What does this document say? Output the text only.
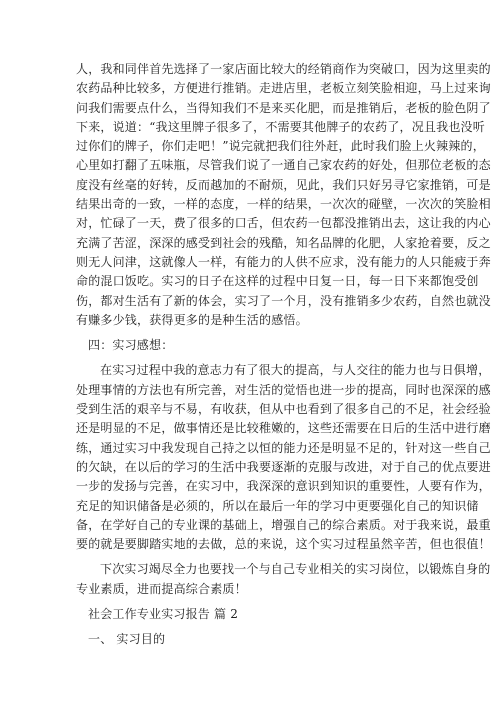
人，我和同伴首先选择了一家店面比较大的经销商作为突破口，因为这里卖的
农药品种比较多，方便进行推销。走进店里，老板立刻笑脸相迎，马上过来询
问我们需要点什么，当得知我们不是来买化肥，而是推销后，老板的脸色阴了
下来，说道：“我这里牌子很多了，不需要其他牌子的农药了，况且我也没听
过你们的牌子，你们走吧！”说完就把我们往外赶，此时我们脸上火辣辣的，
心里如打翻了五味瓶，尽管我们说了一通自己家农药的好处，但那位老板的态
度没有丝毫的好转，反而越加的不耐烦，见此，我们只好另寻它家推销，可是
结果出奇的一致，一样的态度，一样的结果，一次次的碰壁，一次次的笑脸相
对，忙碌了一天，费了很多的口舌，但农药一包都没推销出去，这让我的内心
充满了苦涩，深深的感受到社会的残酷，知名品牌的化肥，人家抢着要，反之
则无人问津，这就像人一样，有能力的人供不应求，没有能力的人只能疲于奔
命的混口饭吃。实习的日子在这样的过程中日复一日，每一日下来都饱受创
伤，都对生活有了新的体会，实习了一个月，没有推销多少农药，自然也就没
有赚多少钱，获得更多的是种生活的感悟。
四：实习感想：
在实习过程中我的意志力有了很大的提高，与人交往的能力也与日俱增，
处理事情的方法也有所完善，对生活的觉悟也进一步的提高，同时也深深的感
受到生活的艰辛与不易，有收获，但从中也看到了很多自己的不足，社会经验
还是明显的不足，做事情还是比较稚嫩的，这些还需要在日后的生活中进行磨
练，通过实习中我发现自己持之以恒的能力还是明显不足的，针对这一些自己
的欠缺，在以后的学习的生活中我要逐渐的克服与改进，对于自己的优点要进
一步的发扬与完善，在实习中，我深深的意识到知识的重要性，人要有作为，
充足的知识储备是必须的，所以在最后一年的学习中更要强化自己的知识储
备，在学好自己的专业课的基础上，增强自己的综合素质。对于我来说，最重
要的就是要脚踏实地的去做，总的来说，这个实习过程虽然辛苦，但也很值！
下次实习竭尽全力也要找一个与自己专业相关的实习岗位，以锻炼自身的
专业素质，进而提高综合素质！
社会工作专业实习报告 篇 2
一、 实习目的
